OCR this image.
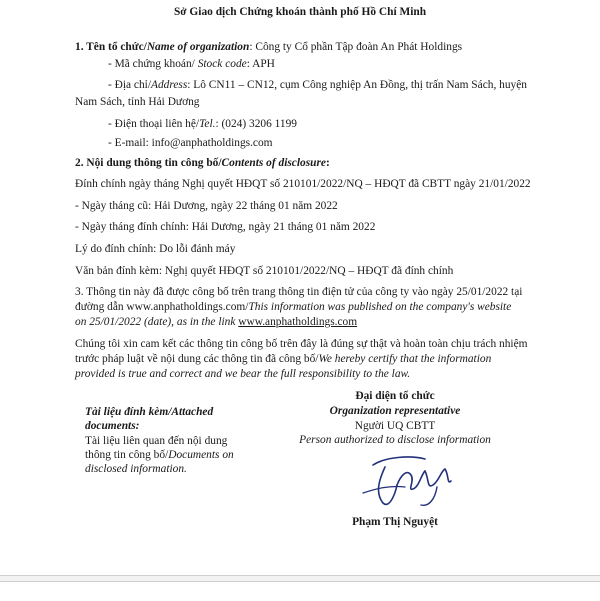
Sở Giao dịch Chứng khoán thành phố Hồ Chí Minh
1. Tên tổ chức/Name of organization: Công ty Cổ phần Tập đoàn An Phát Holdings
- Mã chứng khoán/ Stock code: APH
- Địa chỉ/Address: Lô CN11 – CN12, cụm Công nghiệp An Đồng, thị trấn Nam Sách, huyện
Nam Sách, tỉnh Hải Dương
- Điện thoại liên hệ/Tel.: (024) 3206 1199
- E-mail: info@anphatholdings.com
2. Nội dung thông tin công bố/Contents of disclosure:
Đính chính ngày tháng Nghị quyết HĐQT số 210101/2022/NQ – HĐQT đã CBTT ngày 21/01/2022
- Ngày tháng cũ: Hải Dương, ngày 22 tháng 01 năm 2022
- Ngày tháng đính chính: Hải Dương, ngày 21 tháng 01 năm 2022
Lý do đính chính: Do lỗi đánh máy
Văn bản đính kèm: Nghị quyết HĐQT số 210101/2022/NQ – HĐQT đã đính chính
3. Thông tin này đã được công bố trên trang thông tin điện tử của công ty vào ngày 25/01/2022 tại
đường dẫn www.anphatholdings.com/This information was published on the company's website
on 25/01/2022 (date), as in the link www.anphatholdings.com
Chúng tôi xin cam kết các thông tin công bố trên đây là đúng sự thật và hoàn toàn chịu trách nhiệm
trước pháp luật về nội dung các thông tin đã công bố/We hereby certify that the information
provided is true and correct and we bear the full responsibility to the law.
Tài liệu đính kèm/Attached
documents:
Tài liệu liên quan đến nội dung
thông tin công bố/Documents on
disclosed information.
Đại diện tổ chức
Organization representative
Người UQ CBTT
Person authorized to disclose information
Phạm Thị Nguyệt
